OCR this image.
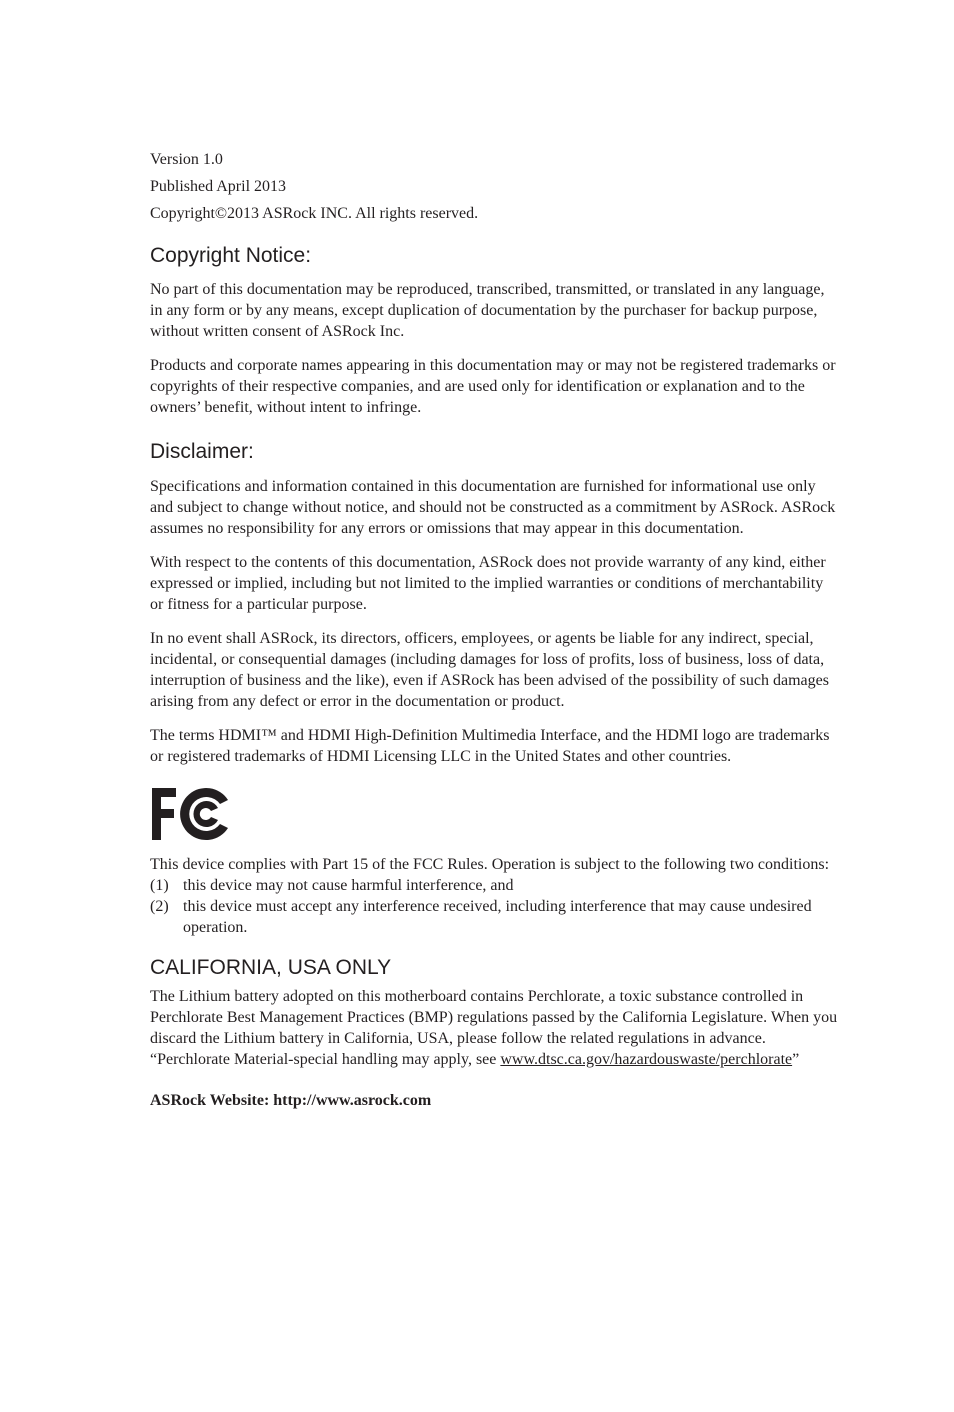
Version 1.0

Published April 2013

Copyright©2013 ASRock INC. All rights reserved.

Copyright Notice:

No part of this documentation may be reproduced, transcribed, transmitted, or translated in any language, in any form or by any means, except duplication of documentation by the purchaser for backup purpose, without written consent of ASRock Inc.

Products and corporate names appearing in this documentation may or may not be registered trademarks or copyrights of their respective companies, and are used only for identification or explanation and to the owners’ benefit, without intent to infringe.

Disclaimer:

Specifications and information contained in this documentation are furnished for informational use only and subject to change without notice, and should not be constructed as a commitment by ASRock. ASRock assumes no responsibility for any errors or omissions that may appear in this documentation.

With respect to the contents of this documentation, ASRock does not provide warranty of any kind, either expressed or implied, including but not limited to the implied warranties or conditions of merchantability or fitness for a particular purpose.

In no event shall ASRock, its directors, officers, employees, or agents be liable for any indirect, special, incidental, or consequential damages (including damages for loss of profits, loss of business, loss of data, interruption of business and the like), even if ASRock has been advised of the possibility of such damages arising from any defect or error in the documentation or product.

The terms HDMI™ and HDMI High-Definition Multimedia Interface, and the HDMI logo are trademarks or registered trademarks of HDMI Licensing LLC in the United States and other countries.

This device complies with Part 15 of the FCC Rules. Operation is subject to the following two conditions:

(1) this device may not cause harmful interference, and
(2) this device must accept any interference received, including interference that may cause undesired operation.
CALIFORNIA, USA ONLY

The Lithium battery adopted on this motherboard contains Perchlorate, a toxic substance controlled in Perchlorate Best Management Practices (BMP) regulations passed by the California Legislature. When you discard the Lithium battery in California, USA, please follow the related regulations in advance.

“Perchlorate Material-special handling may apply, see www.dtsc.ca.gov/hazardouswaste/perchlorate”

ASRock Website: http://www.asrock.com
